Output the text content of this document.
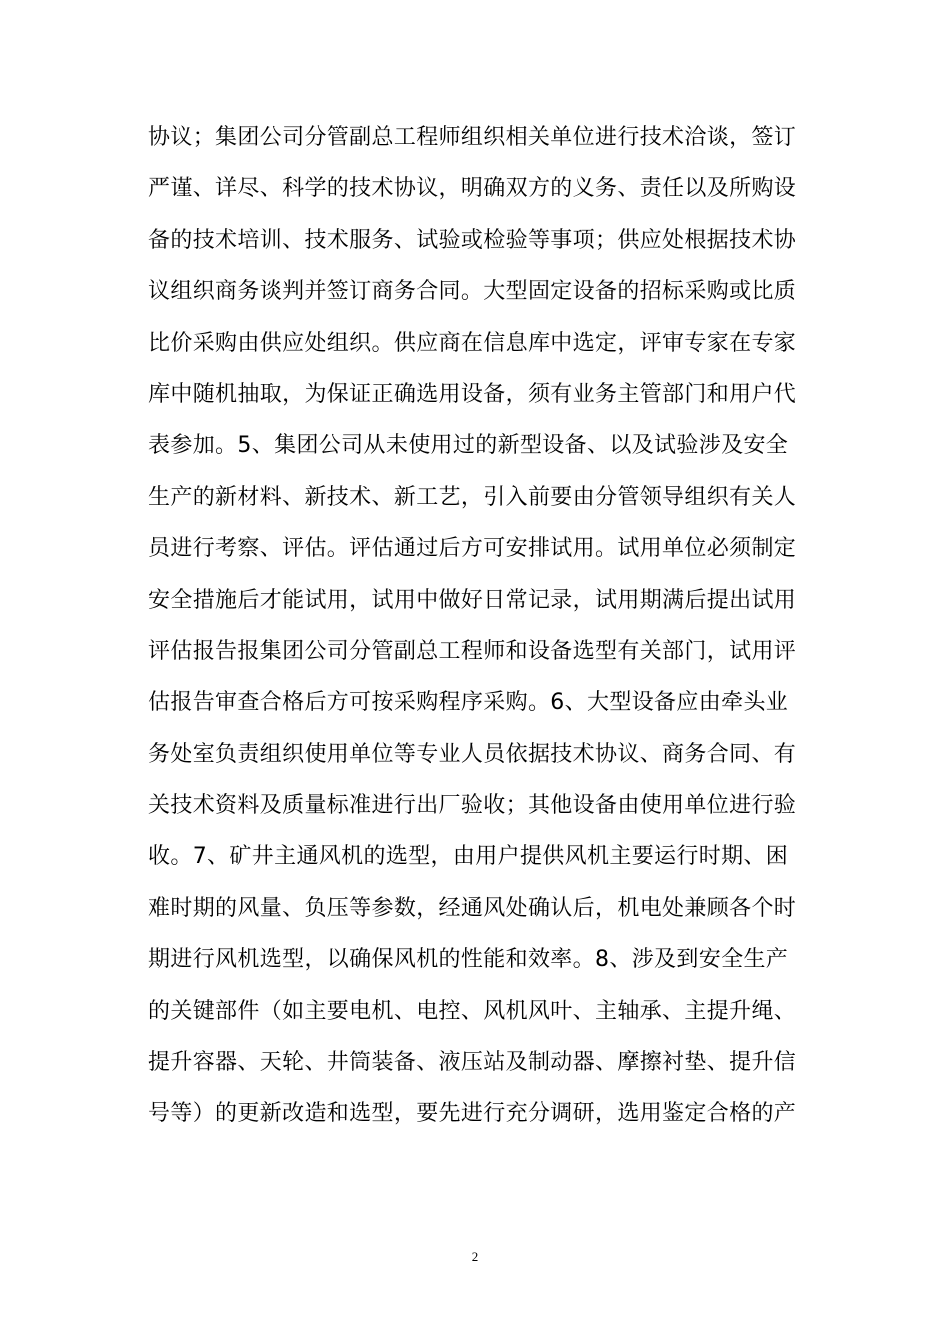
协议；集团公司分管副总工程师组织相关单位进行技术洽谈，签订
严谨、详尽、科学的技术协议，明确双方的义务、责任以及所购设
备的技术培训、技术服务、试验或检验等事项；供应处根据技术协
议组织商务谈判并签订商务合同。大型固定设备的招标采购或比质
比价采购由供应处组织。供应商在信息库中选定，评审专家在专家
库中随机抽取，为保证正确选用设备，须有业务主管部门和用户代
表参加。5、集团公司从未使用过的新型设备、以及试验涉及安全
生产的新材料、新技术、新工艺，引入前要由分管领导组织有关人
员进行考察、评估。评估通过后方可安排试用。试用单位必须制定
安全措施后才能试用，试用中做好日常记录，试用期满后提出试用
评估报告报集团公司分管副总工程师和设备选型有关部门，试用评
估报告审查合格后方可按采购程序采购。6、大型设备应由牵头业
务处室负责组织使用单位等专业人员依据技术协议、商务合同、有
关技术资料及质量标准进行出厂验收；其他设备由使用单位进行验
收。7、矿井主通风机的选型，由用户提供风机主要运行时期、困
难时期的风量、负压等参数，经通风处确认后，机电处兼顾各个时
期进行风机选型，以确保风机的性能和效率。8、涉及到安全生产
的关键部件（如主要电机、电控、风机风叶、主轴承、主提升绳、
提升容器、天轮、井筒装备、液压站及制动器、摩擦衬垫、提升信
号等）的更新改造和选型，要先进行充分调研，选用鉴定合格的产
2
